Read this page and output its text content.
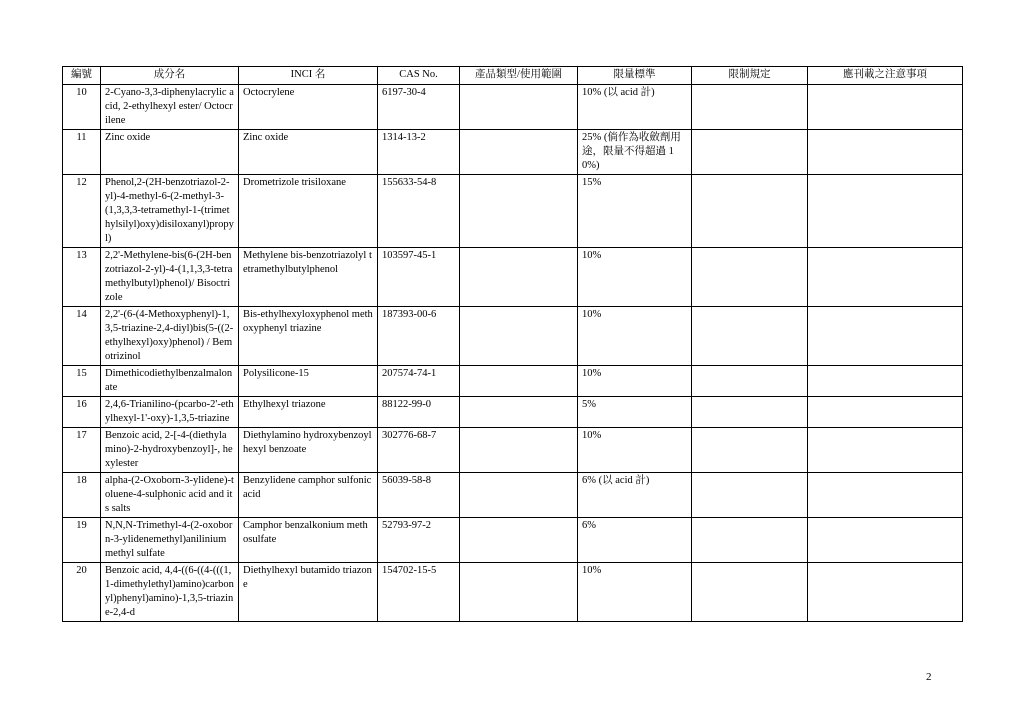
編號	成分名	INCI 名	CAS No.	產品類型/使用範圍	限量標準	限制規定	應刊載之注意事項
10	2-Cyano-3,3-diphenylacrylic acid, 2-ethylhexyl ester/ Octocrilene	Octocrylene	6197-30-4		10% (以 acid 計)		
11	Zinc oxide	Zinc oxide	1314-13-2		25% (倘作為收斂劑用途，限量不得超過 10%)		
12	Phenol,2-(2H-benzotriazol-2-yl)-4-methyl-6-(2-methyl-3-(1,3,3,3-tetramethyl-1-(trimethylsilyl)oxy)disiloxanyl)propyl)	Drometrizole trisiloxane	155633-54-8		15%		
13	2,2'-Methylene-bis(6-(2H-benzotriazol-2-yl)-4-(1,1,3,3-tetramethylbutyl)phenol)/ Bisoctrizole	Methylene bis-benzotriazolyl tetramethylbutylphenol	103597-45-1		10%		
14	2,2'-(6-(4-Methoxyphenyl)-1,3,5-triazine-2,4-diyl)bis(5-((2-ethylhexyl)oxy)phenol) / Bemotrizinol	Bis-ethylhexyloxyphenol methoxyphenyl triazine	187393-00-6		10%		
15	Dimethicodiethylbenzalmalonate	Polysilicone-15	207574-74-1		10%		
16	2,4,6-Trianilino-(pcarbo-2'-ethylhexyl-1'-oxy)-1,3,5-triazine	Ethylhexyl triazone	88122-99-0		5%		
17	Benzoic acid, 2-[-4-(diethylamino)-2-hydroxybenzoyl]-, hexylester	Diethylamino hydroxybenzoyl hexyl benzoate	302776-68-7		10%		
18	alpha-(2-Oxoborn-3-ylidene)-toluene-4-sulphonic acid and its salts	Benzylidene camphor sulfonic acid	56039-58-8		6% (以 acid 計)		
19	N,N,N-Trimethyl-4-(2-oxoborn-3-ylidenemethyl)anilinium methyl sulfate	Camphor benzalkonium methosulfate	52793-97-2		6%		
20	Benzoic acid, 4,4-((6-((4-(((1,1-dimethylethyl)amino)carbonyl)phenyl)amino)-1,3,5-triazine-2,4-d	Diethylhexyl butamido triazone	154702-15-5		10%		
2
